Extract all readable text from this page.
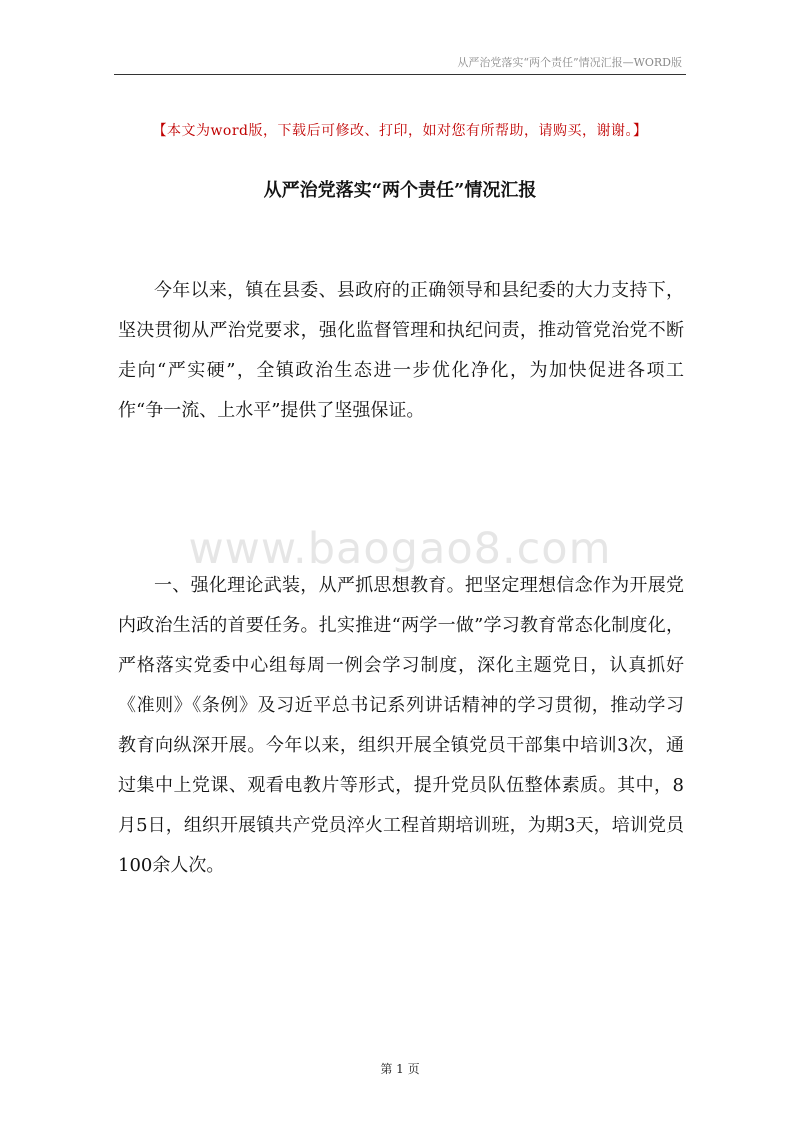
从严治党落实“两个责任”情况汇报—WORD版
【本文为word版，下载后可修改、打印，如对您有所帮助，请购买，谢谢。】
从严治党落实“两个责任”情况汇报

今年以来，镇在县委、县政府的正确领导和县纪委的大力支持下，坚决贯彻从严治党要求，强化监督管理和执纪问责，推动管党治党不断走向“严实硬”，全镇政治生态进一步优化净化，为加快促进各项工作“争一流、上水平”提供了坚强保证。

www.baogao8.com

一、强化理论武装，从严抓思想教育。把坚定理想信念作为开展党内政治生活的首要任务。扎实推进“两学一做”学习教育常态化制度化，严格落实党委中心组每周一例会学习制度，深化主题党日，认真抓好《准则》《条例》及习近平总书记系列讲话精神的学习贯彻，推动学习教育向纵深开展。今年以来，组织开展全镇党员干部集中培训3次，通过集中上党课、观看电教片等形式，提升党员队伍整体素质。其中，8月5日，组织开展镇共产党员淬火工程首期培训班，为期3天，培训党员100余人次。

第 1 页
